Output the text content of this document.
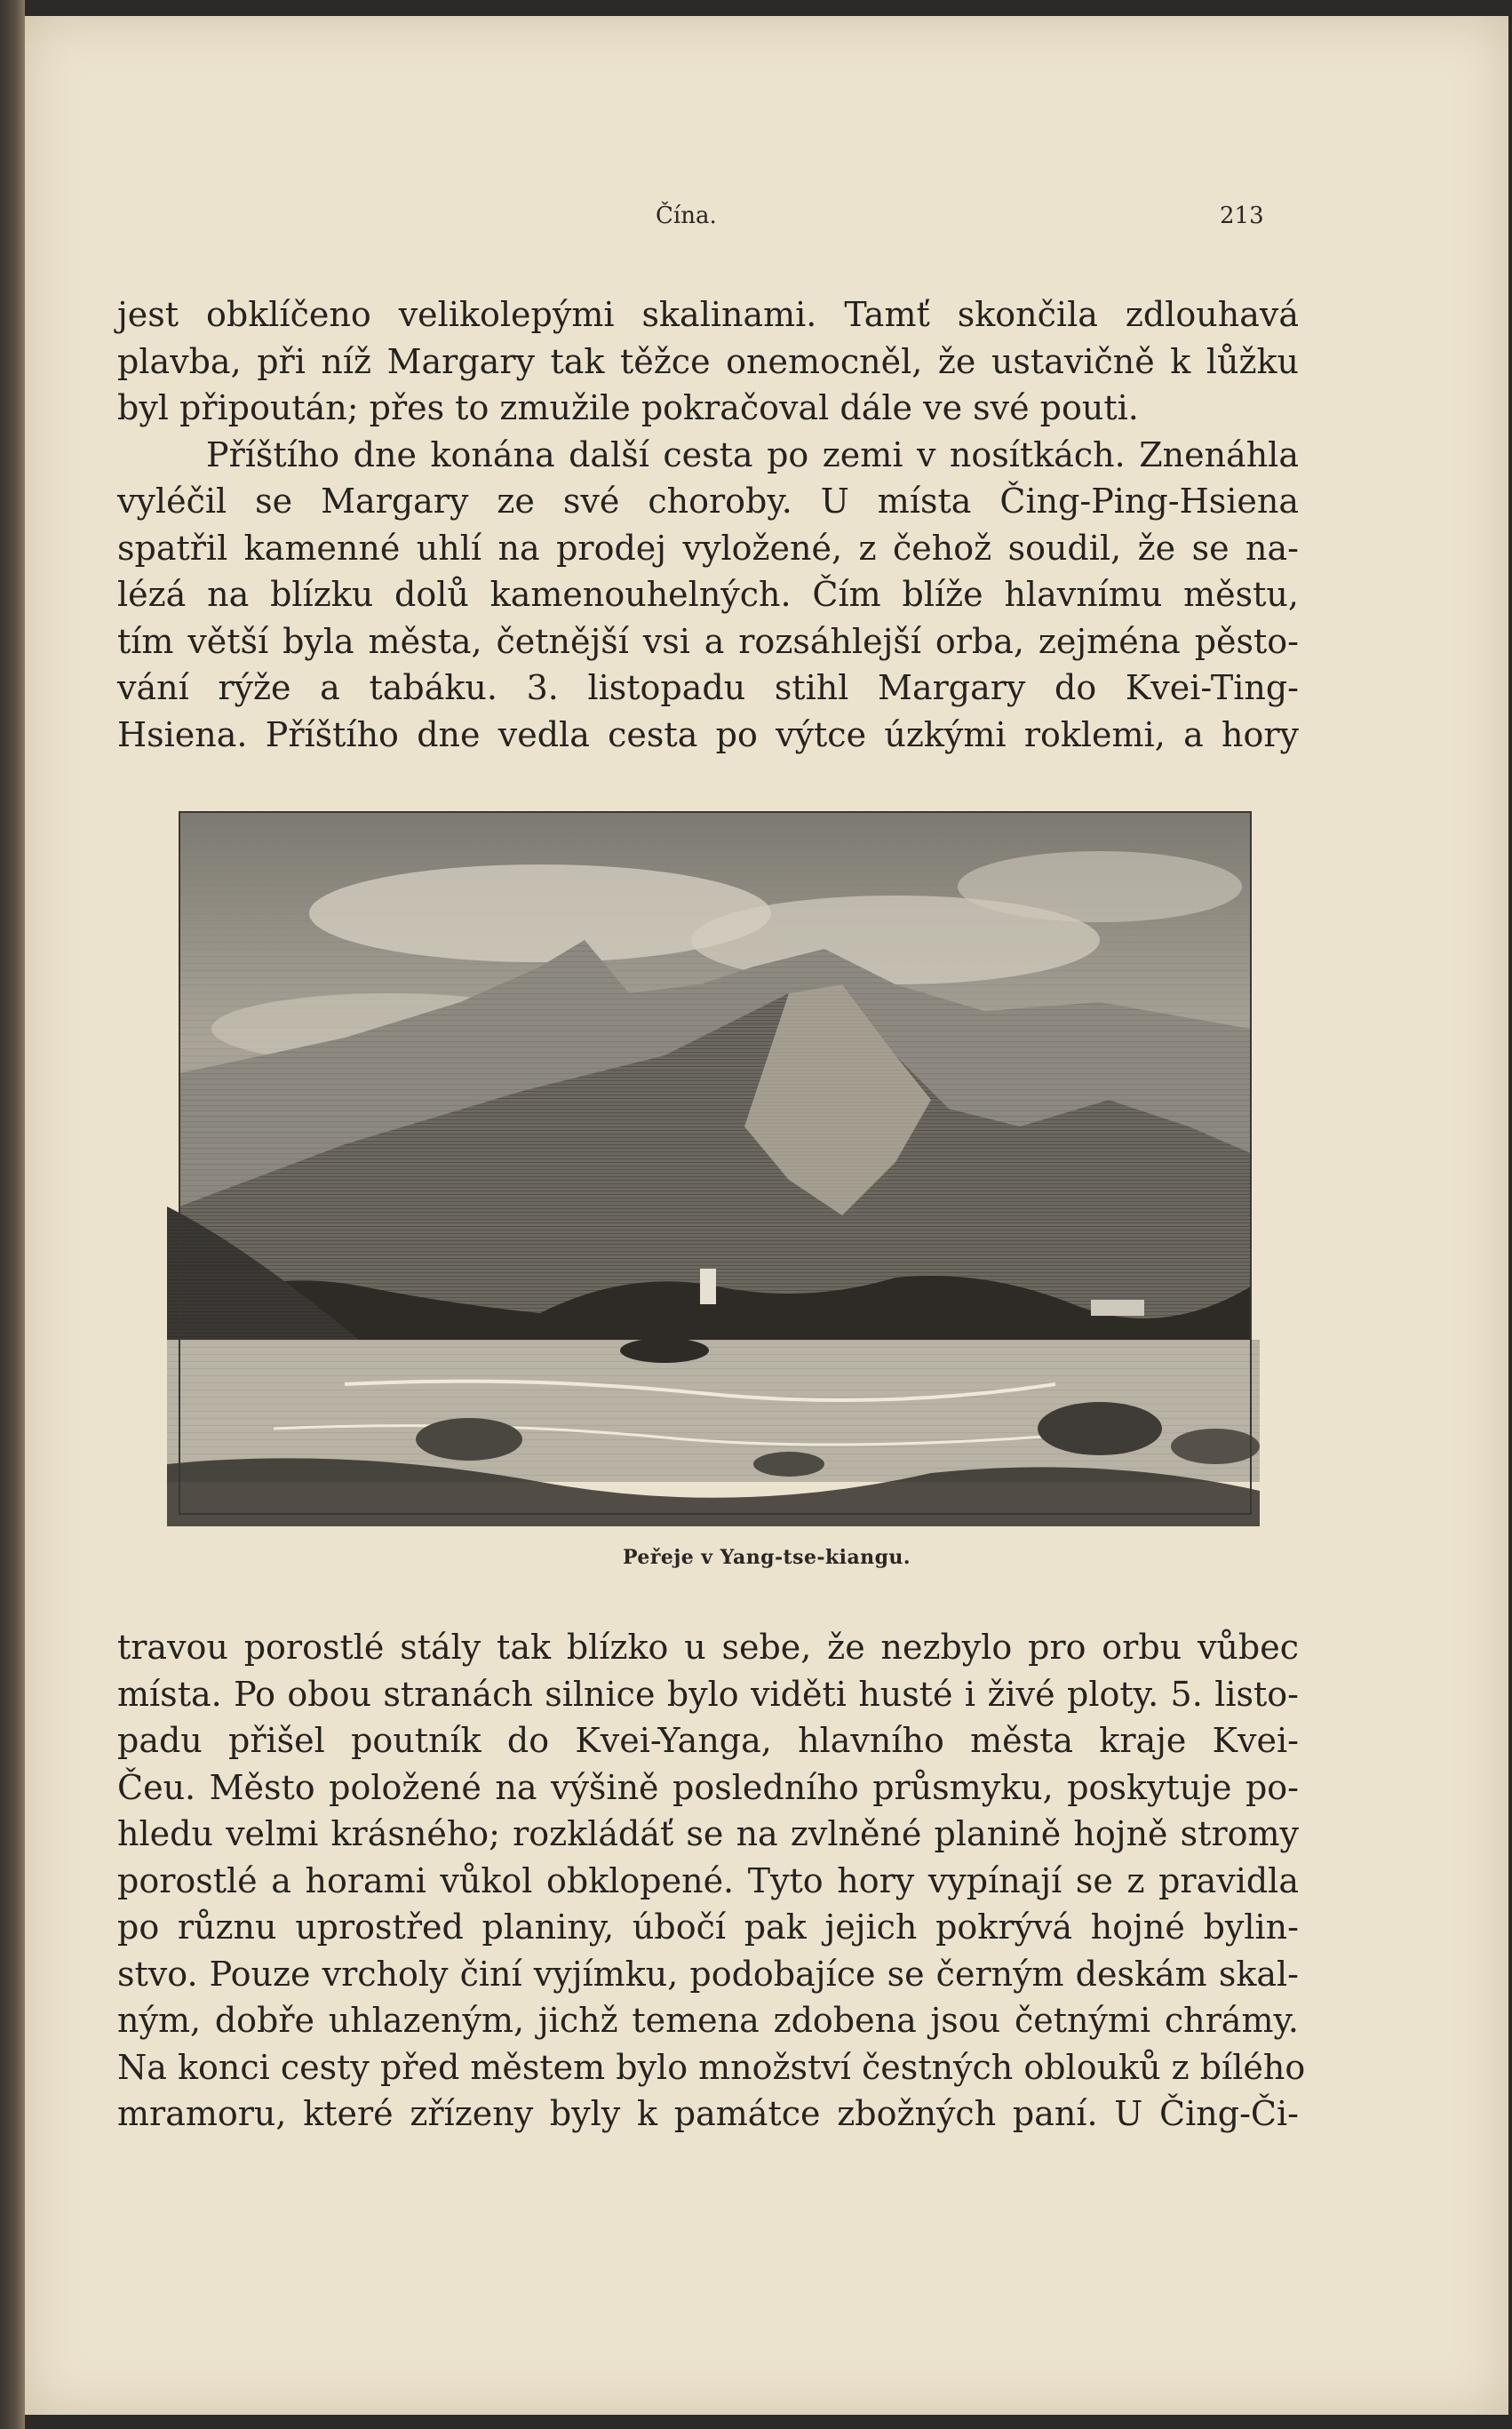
Čína.	213
jest obklíčeno velikolepými skalinami. Tamť skončila zdlouhavá
plavba, při níž Margary tak těžce onemocněl, že ustavičně k lůžku
byl připoután; přes to zmužile pokračoval dále ve své pouti.
Příštího dne konána další cesta po zemi v nosítkách. Znenáhla
vyléčil se Margary ze své choroby. U místa Čing-Ping-Hsiena
spatřil kamenné uhlí na prodej vyložené, z čehož soudil, že se na-
lézá na blízku dolů kamenouhelných. Čím blíže hlavnímu městu,
tím větší byla města, četnější vsi a rozsáhlejší orba, zejména pěsto-
vání rýže a tabáku. 3. listopadu stihl Margary do Kvei-Ting-
Hsiena. Příštího dne vedla cesta po výtce úzkými roklemi, a hory
Peřeje v Yang-tse-kiangu.
travou porostlé stály tak blízko u sebe, že nezbylo pro orbu vůbec
místa. Po obou stranách silnice bylo viděti husté i živé ploty. 5. listo-
padu přišel poutník do Kvei-Yanga, hlavního města kraje Kvei-
Čeu. Město položené na výšině posledního průsmyku, poskytuje po-
hledu velmi krásného; rozkládáť se na zvlněné planině hojně stromy
porostlé a horami vůkol obklopené. Tyto hory vypínají se z pravidla
po různu uprostřed planiny, úbočí pak jejich pokrývá hojné bylin-
stvo. Pouze vrcholy činí vyjímku, podobajíce se černým deskám skal-
ným, dobře uhlazeným, jichž temena zdobena jsou četnými chrámy.
Na konci cesty před městem bylo množství čestných oblouků z bílého
mramoru, které zřízeny byly k památce zbožných paní. U Čing-Či-
